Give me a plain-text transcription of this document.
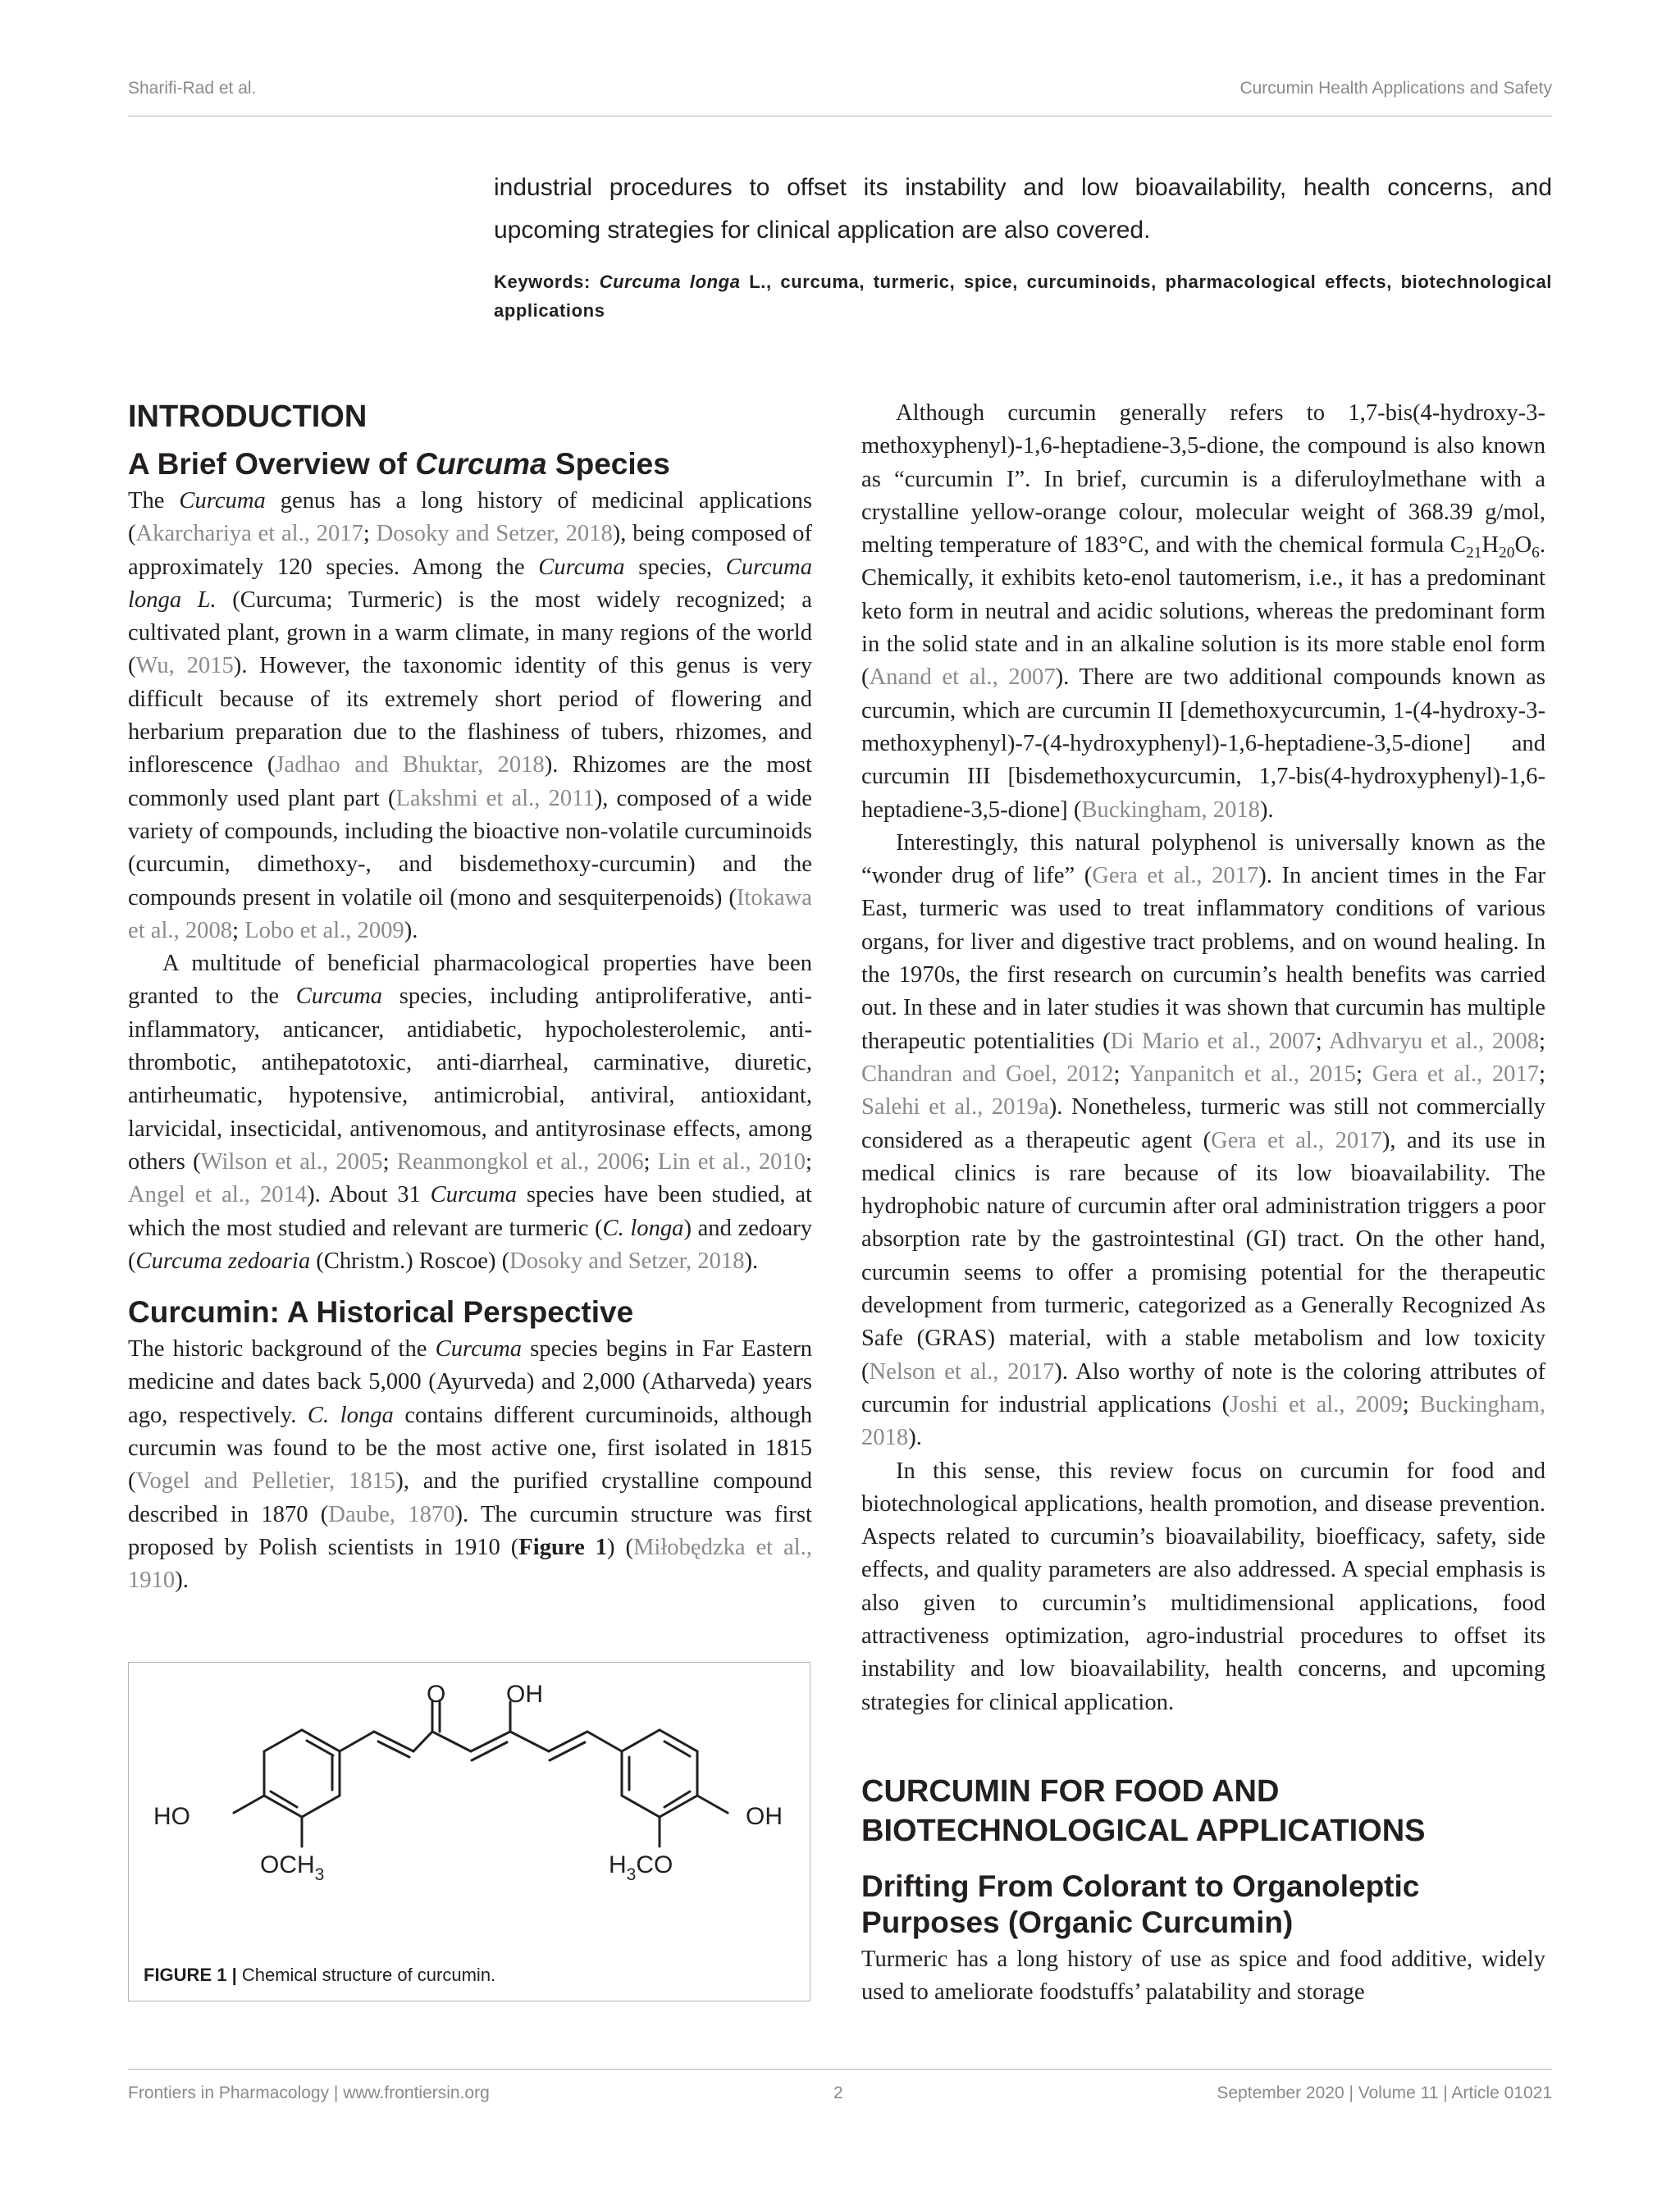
Sharifi-Rad et al.	Curcumin Health Applications and Safety
industrial procedures to offset its instability and low bioavailability, health concerns, and upcoming strategies for clinical application are also covered.
Keywords: Curcuma longa L., curcuma, turmeric, spice, curcuminoids, pharmacological effects, biotechnological applications
INTRODUCTION
A Brief Overview of Curcuma Species

The Curcuma genus has a long history of medicinal applications (Akarchariya et al., 2017; Dosoky and Setzer, 2018), being composed of approximately 120 species. Among the Curcuma species, Curcuma longa L. (Curcuma; Turmeric) is the most widely recognized; a cultivated plant, grown in a warm climate, in many regions of the world (Wu, 2015). However, the taxonomic identity of this genus is very difficult because of its extremely short period of flowering and herbarium preparation due to the flashiness of tubers, rhizomes, and inflorescence (Jadhao and Bhuktar, 2018). Rhizomes are the most commonly used plant part (Lakshmi et al., 2011), composed of a wide variety of compounds, including the bioactive non-volatile curcuminoids (curcumin, dimethoxy-, and bisdemethoxy-curcumin) and the compounds present in volatile oil (mono and sesquiterpenoids) (Itokawa et al., 2008; Lobo et al., 2009).

A multitude of beneficial pharmacological properties have been granted to the Curcuma species, including antiproliferative, anti-inflammatory, anticancer, antidiabetic, hypocholesterolemic, anti-thrombotic, antihepatotoxic, anti-diarrheal, carminative, diuretic, antirheumatic, hypotensive, antimicrobial, antiviral, antioxidant, larvicidal, insecticidal, antivenomous, and antityrosinase effects, among others (Wilson et al., 2005; Reanmongkol et al., 2006; Lin et al., 2010; Angel et al., 2014). About 31 Curcuma species have been studied, at which the most studied and relevant are turmeric (C. longa) and zedoary (Curcuma zedoaria (Christm.) Roscoe) (Dosoky and Setzer, 2018).

Curcumin: A Historical Perspective

The historic background of the Curcuma species begins in Far Eastern medicine and dates back 5,000 (Ayurveda) and 2,000 (Atharveda) years ago, respectively. C. longa contains different curcuminoids, although curcumin was found to be the most active one, first isolated in 1815 (Vogel and Pelletier, 1815), and the purified crystalline compound described in 1870 (Daube, 1870). The curcumin structure was first proposed by Polish scientists in 1910 (Figure 1) (Miłobędzka et al., 1910).

O OH
HO	OH
$OCH_3$	$H_3CO$
FIGURE 1 | Chemical structure of curcumin.

Although curcumin generally refers to 1,7-bis(4-hydroxy-3-methoxyphenyl)-1,6-heptadiene-3,5-dione, the compound is also known as “curcumin I”. In brief, curcumin is a diferuloylmethane with a crystalline yellow-orange colour, molecular weight of 368.39 g/mol, melting temperature of 183°C, and with the chemical formula $C_{21}H_{20}O_6$. Chemically, it exhibits keto-enol tautomerism, i.e., it has a predominant keto form in neutral and acidic solutions, whereas the predominant form in the solid state and in an alkaline solution is its more stable enol form (Anand et al., 2007). There are two additional compounds known as curcumin, which are curcumin II [demethoxycurcumin, 1-(4-hydroxy-3-methoxyphenyl)-7-(4-hydroxyphenyl)-1,6-heptadiene-3,5-dione] and curcumin III [bisdemethoxycurcumin, 1,7-bis(4-hydroxyphenyl)-1,6-heptadiene-3,5-dione] (Buckingham, 2018).

Interestingly, this natural polyphenol is universally known as the “wonder drug of life” (Gera et al., 2017). In ancient times in the Far East, turmeric was used to treat inflammatory conditions of various organs, for liver and digestive tract problems, and on wound healing. In the 1970s, the first research on curcumin’s health benefits was carried out. In these and in later studies it was shown that curcumin has multiple therapeutic potentialities (Di Mario et al., 2007; Adhvaryu et al., 2008; Chandran and Goel, 2012; Yanpanitch et al., 2015; Gera et al., 2017; Salehi et al., 2019a). Nonetheless, turmeric was still not commercially considered as a therapeutic agent (Gera et al., 2017), and its use in medical clinics is rare because of its low bioavailability. The hydrophobic nature of curcumin after oral administration triggers a poor absorption rate by the gastrointestinal (GI) tract. On the other hand, curcumin seems to offer a promising potential for the therapeutic development from turmeric, categorized as a Generally Recognized As Safe (GRAS) material, with a stable metabolism and low toxicity (Nelson et al., 2017). Also worthy of note is the coloring attributes of curcumin for industrial applications (Joshi et al., 2009; Buckingham, 2018).

In this sense, this review focus on curcumin for food and biotechnological applications, health promotion, and disease prevention. Aspects related to curcumin’s bioavailability, bioefficacy, safety, side effects, and quality parameters are also addressed. A special emphasis is also given to curcumin’s multidimensional applications, food attractiveness optimization, agro-industrial procedures to offset its instability and low bioavailability, health concerns, and upcoming strategies for clinical application.

CURCUMIN FOR FOOD AND BIOTECHNOLOGICAL APPLICATIONS
Drifting From Colorant to Organoleptic Purposes (Organic Curcumin)

Turmeric has a long history of use as spice and food additive, widely used to ameliorate foodstuffs’ palatability and storage

Frontiers in Pharmacology | www.frontiersin.org	2	September 2020 | Volume 11 | Article 01021
